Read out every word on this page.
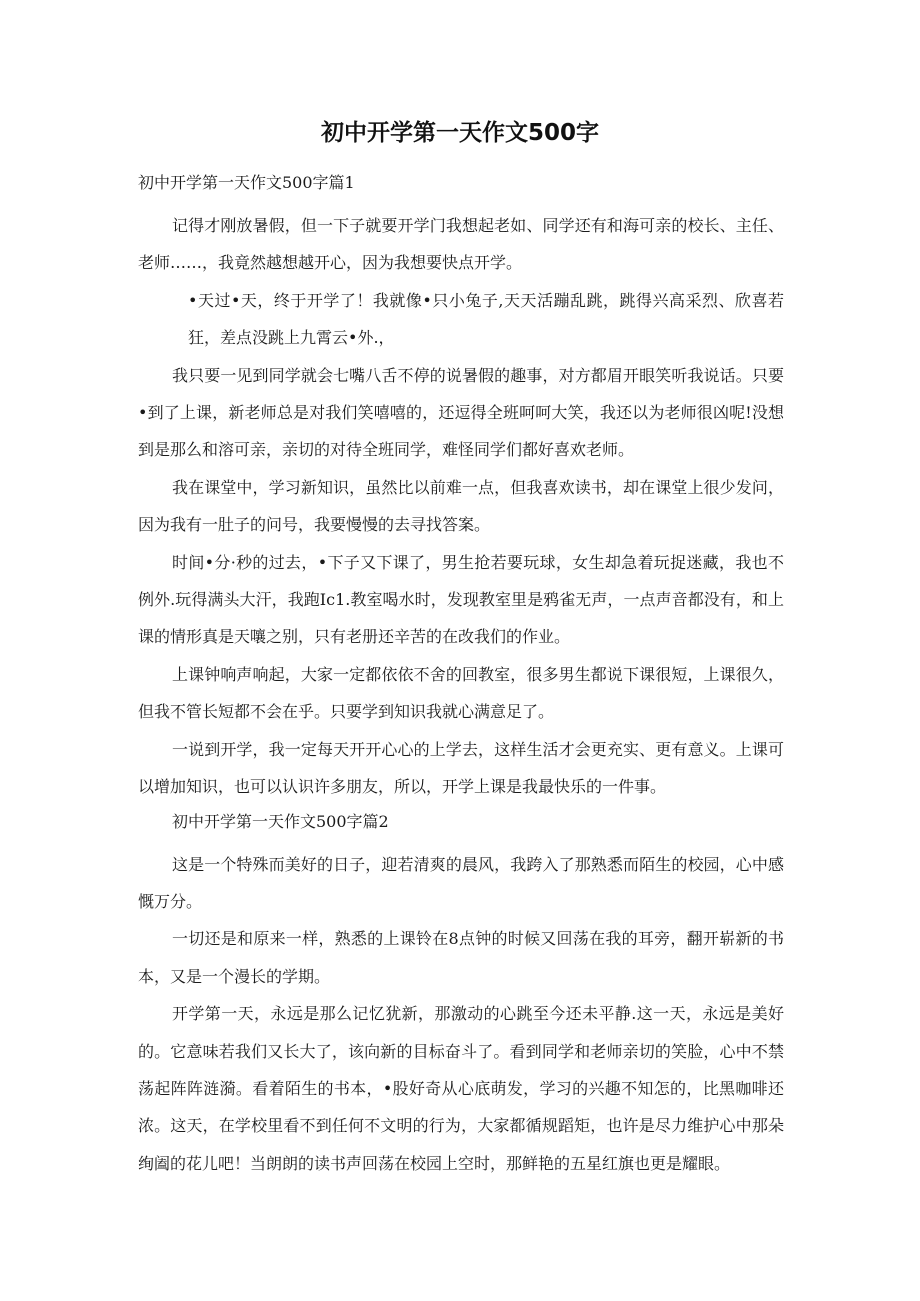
初中开学第一天作文500字
初中开学第一天作文500字篇1

记得才刚放暑假，但一下子就要开学门我想起老如、同学还有和海可亲的校长、主任、老师……，我竟然越想越开心，因为我想要快点开学。

•天过•天，终于开学了！我就像•只小兔子,天天活蹦乱跳，跳得兴高采烈、欣喜若狂，差点没跳上九霄云•外.，

我只要一见到同学就会七嘴八舌不停的说暑假的趣事，对方都眉开眼笑听我说话。只要•到了上课，新老师总是对我们笑嘻嘻的，还逗得全班呵呵大笑，我还以为老师很凶呢!没想到是那么和溶可亲，亲切的对待全班同学，难怪同学们都好喜欢老师。

我在课堂中，学习新知识，虽然比以前难一点，但我喜欢读书，却在课堂上很少发问，因为我有一肚子的问号，我要慢慢的去寻找答案。

时间•分·秒的过去，•下子又下课了，男生抢若要玩球，女生却急着玩捉迷藏，我也不例外.玩得满头大汗，我跑Ic1.教室喝水时，发现教室里是鸦雀无声，一点声音都没有，和上课的情形真是天嚷之别，只有老册还辛苦的在改我们的作业。

上课钟响声响起，大家一定都依依不舍的回教室，很多男生都说下课很短，上课很久，但我不管长短都不会在乎。只要学到知识我就心满意足了。

一说到开学，我一定每天开开心心的上学去，这样生活才会更充实、更有意义。上课可以增加知识，也可以认识许多朋友，所以，开学上课是我最快乐的一件事。

初中开学第一天作文500字篇2

这是一个特殊而美好的日子，迎若清爽的晨风，我跨入了那熟悉而陌生的校园，心中感慨万分。

一切还是和原来一样，熟悉的上课铃在8点钟的时候又回荡在我的耳旁，翻开崭新的书本，又是一个漫长的学期。

开学第一天，永远是那么记忆犹新，那激动的心跳至今还未平静.这一天，永远是美好的。它意味若我们又长大了，该向新的目标奋斗了。看到同学和老师亲切的笑脸，心中不禁荡起阵阵涟漪。看着陌生的书本，•股好奇从心底萌发，学习的兴趣不知怎的，比黑咖啡还浓。这天，在学校里看不到任何不文明的行为，大家都循规蹈矩，也许是尽力维护心中那朵绚阖的花儿吧！当朗朗的读书声回荡在校园上空时，那鲜艳的五星红旗也更是耀眼。
